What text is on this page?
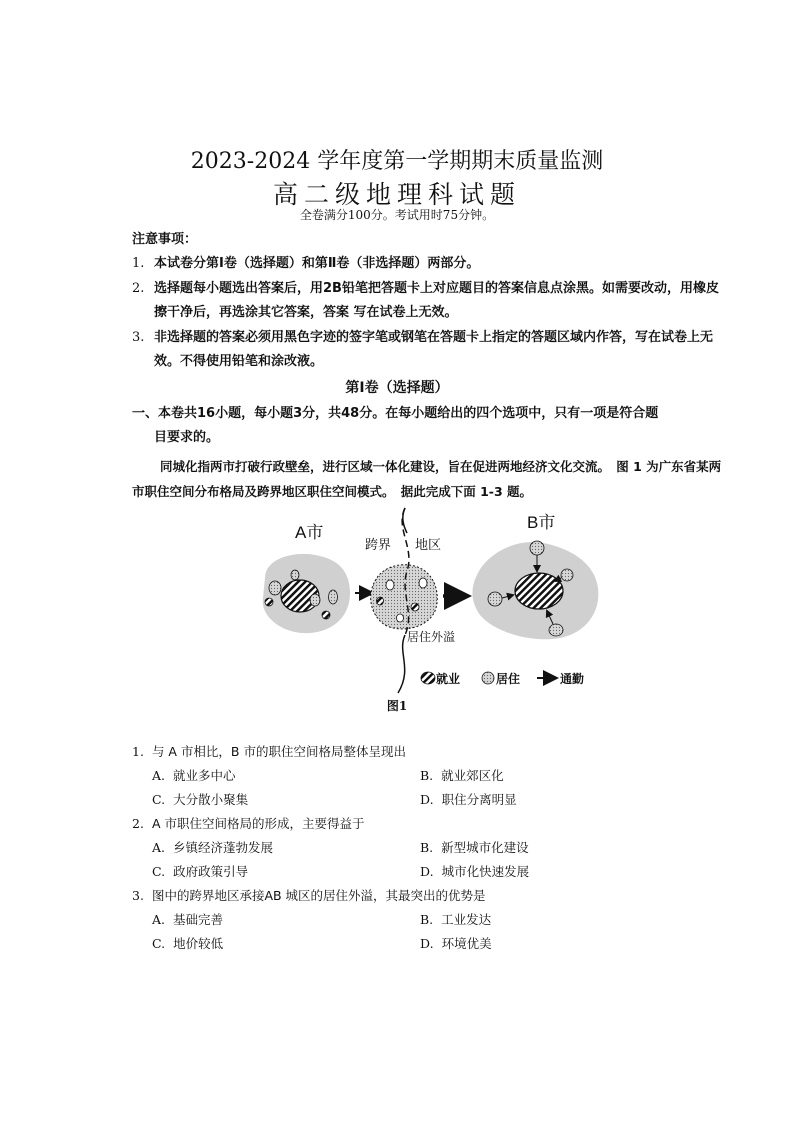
2023-2024 学年度第一学期期末质量监测
高二级地理科试题
全卷满分100分。考试用时75分钟。
注意事项：
1. 本试卷分第Ⅰ卷（选择题）和第Ⅱ卷（非选择题）两部分。
2. 选择题每小题选出答案后，用2B铅笔把答题卡上对应题目的答案信息点涂黑。如需要改动，用橡皮擦干净后，再选涂其它答案，答案 写在试卷上无效。
3. 非选择题的答案必须用黑色字迹的签字笔或钢笔在答题卡上指定的答题区域内作答，写在试卷上无效。不得使用铅笔和涂改液。
第Ⅰ卷（选择题）
一、本卷共16小题，每小题3分，共48分。在每小题给出的四个选项中，只有一项是符合题
目要求的。
同城化指两市打破行政壁垒，进行区域一体化建设，旨在促进两地经济文化交流。　图 1 为广东省某两市职住空间分布格局及跨界地区职住空间模式。　据此完成下面 1-3 题。
A市
跨界 地区
居住外溢
B市
就业	居住	通勤
图1
1. 与 A 市相比，B 市的职住空间格局整体呈现出
A. 就业多中心	B. 就业郊区化
C. 大分散小聚集	D. 职住分离明显
2. A 市职住空间格局的形成，主要得益于
A. 乡镇经济蓬勃发展	B. 新型城市化建设
C. 政府政策引导	D. 城市化快速发展
3. 图中的跨界地区承接AB 城区的居住外溢，其最突出的优势是
A. 基础完善	B. 工业发达
C. 地价较低	D. 环境优美
